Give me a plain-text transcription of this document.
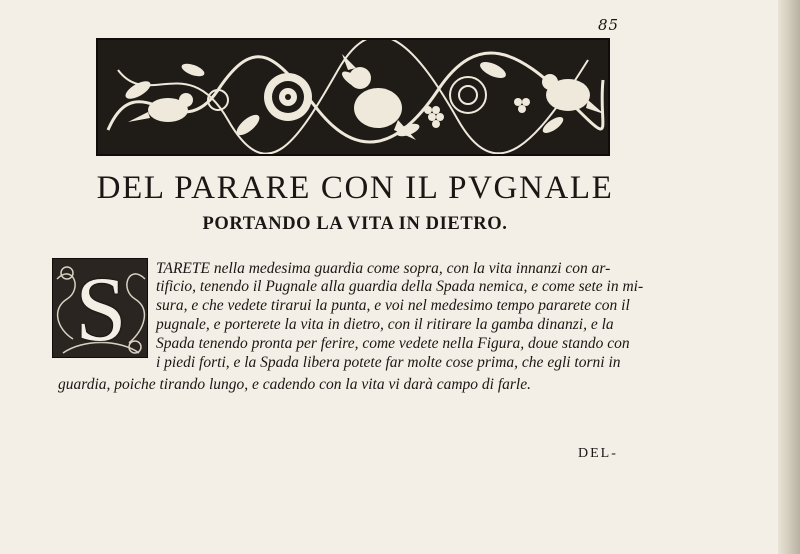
85
DEL PARARE CON IL PVGNALE
PORTANDO LA VITA IN DIETRO.
S	TARETE nella medesima guardia come sopra, con la vita innanzi con ar-
tificio, tenendo il Pugnale alla guardia della Spada nemica, e come sete in mi-
sura, e che vedete tirarui la punta, e voi nel medesimo tempo pararete con il
pugnale, e porterete la vita in dietro, con il ritirare la gamba dinanzi, e la
Spada tenendo pronta per ferire, come vedete nella Figura, doue stando con
i piedi forti, e la Spada libera potete far molte cose prima, che egli torni in
guardia, poiche tirando lungo, e cadendo con la vita vi darà campo di farle.
DEL-
